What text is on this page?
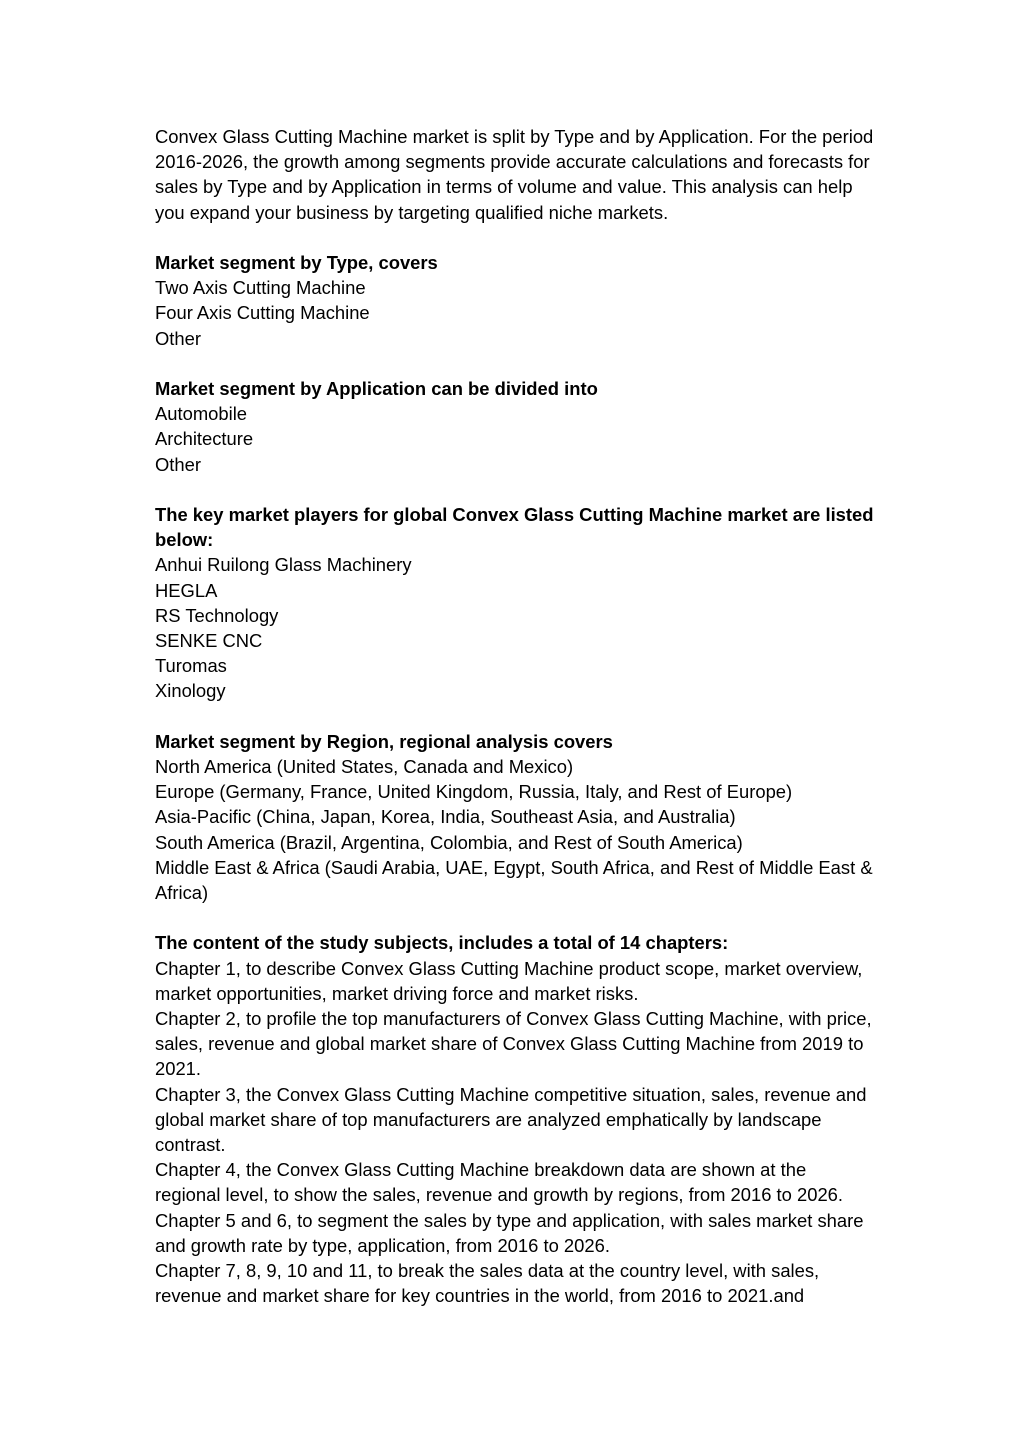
Convex Glass Cutting Machine market is split by Type and by Application. For the period 2016-2026, the growth among segments provide accurate calculations and forecasts for sales by Type and by Application in terms of volume and value. This analysis can help you expand your business by targeting qualified niche markets.

Market segment by Type, covers

Two Axis Cutting Machine

Four Axis Cutting Machine

Other

Market segment by Application can be divided into

Automobile

Architecture

Other

The key market players for global Convex Glass Cutting Machine market are listed below:

Anhui Ruilong Glass Machinery

HEGLA

RS Technology

SENKE CNC

Turomas

Xinology

Market segment by Region, regional analysis covers

North America (United States, Canada and Mexico)

Europe (Germany, France, United Kingdom, Russia, Italy, and Rest of Europe)

Asia-Pacific (China, Japan, Korea, India, Southeast Asia, and Australia)

South America (Brazil, Argentina, Colombia, and Rest of South America)

Middle East & Africa (Saudi Arabia, UAE, Egypt, South Africa, and Rest of Middle East & Africa)

The content of the study subjects, includes a total of 14 chapters:

Chapter 1, to describe Convex Glass Cutting Machine product scope, market overview, market opportunities, market driving force and market risks.

Chapter 2, to profile the top manufacturers of Convex Glass Cutting Machine, with price, sales, revenue and global market share of Convex Glass Cutting Machine from 2019 to 2021.

Chapter 3, the Convex Glass Cutting Machine competitive situation, sales, revenue and global market share of top manufacturers are analyzed emphatically by landscape contrast.

Chapter 4, the Convex Glass Cutting Machine breakdown data are shown at the regional level, to show the sales, revenue and growth by regions, from 2016 to 2026.

Chapter 5 and 6, to segment the sales by type and application, with sales market share and growth rate by type, application, from 2016 to 2026.

Chapter 7, 8, 9, 10 and 11, to break the sales data at the country level, with sales, revenue and market share for key countries in the world, from 2016 to 2021.and
